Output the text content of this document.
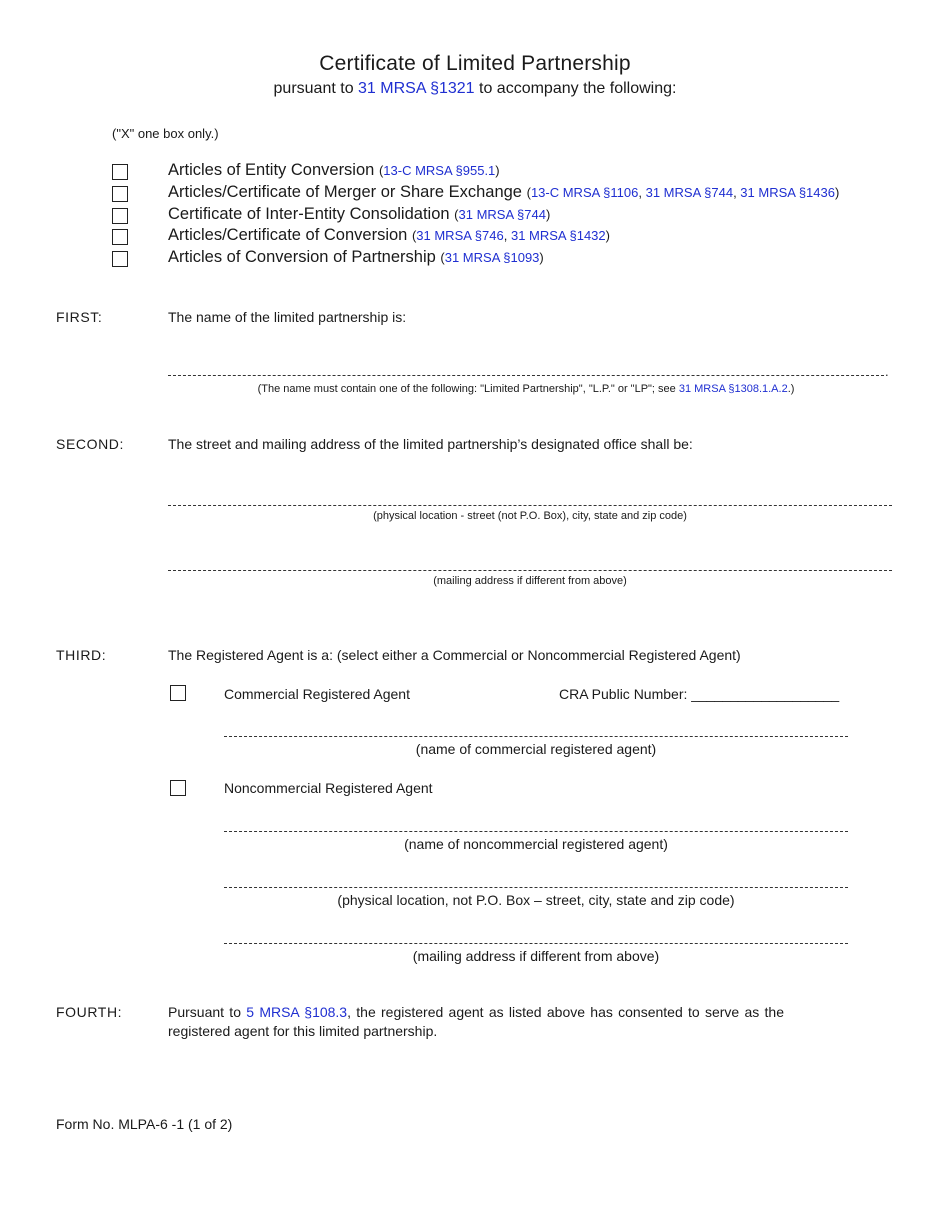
Certificate of Limited Partnership
pursuant to 31 MRSA §1321 to accompany the following:
("X" one box only.)
Articles of Entity Conversion (13-C MRSA §955.1)
Articles/Certificate of Merger or Share Exchange (13-C MRSA §1106, 31 MRSA §744, 31 MRSA §1436)
Certificate of Inter-Entity Consolidation (31 MRSA §744)
Articles/Certificate of Conversion (31 MRSA §746, 31 MRSA §1432)
Articles of Conversion of Partnership (31 MRSA §1093)
FIRST:	The name of the limited partnership is:
.
(The name must contain one of the following: "Limited Partnership", "L.P." or "LP"; see 31 MRSA §1308.1.A.2.)
SECOND:	The street and mailing address of the limited partnership’s designated office shall be:
(physical location - street (not P.O. Box), city, state and zip code)
(mailing address if different from above)
THIRD:	The Registered Agent is a: (select either a Commercial or Noncommercial Registered Agent)
Commercial Registered Agent	CRA Public Number: ___________________
(name of commercial registered agent)
Noncommercial Registered Agent
(name of noncommercial registered agent)
(physical location, not P.O. Box – street, city, state and zip code)
(mailing address if different from above)
FOURTH:	Pursuant to 5 MRSA §108.3, the registered agent as listed above has consented to serve as the registered agent for this limited partnership.
Form No. MLPA-6 -1 (1 of 2)
